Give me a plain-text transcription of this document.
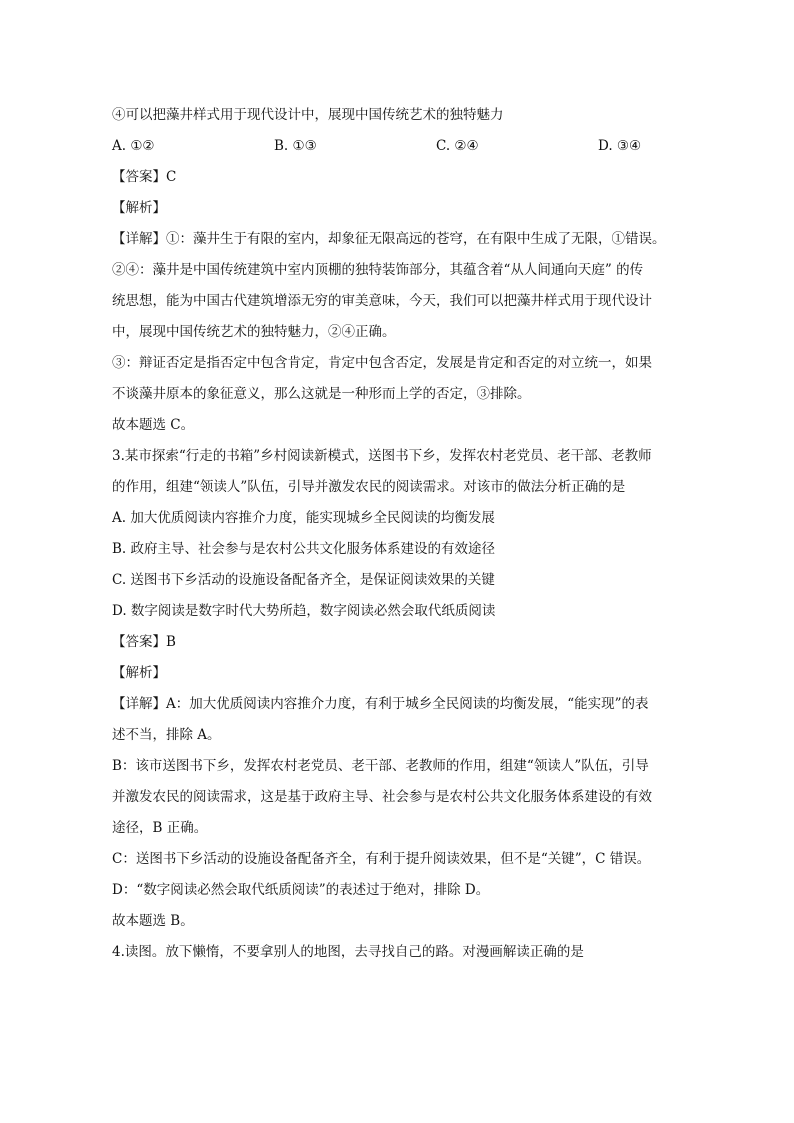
④可以把藻井样式用于现代设计中，展现中国传统艺术的独特魅力
A. ①②	B. ①③	C. ②④	D. ③④
【答案】C
【解析】
【详解】①：藻井生于有限的室内，却象征无限高远的苍穹，在有限中生成了无限，①错误。
②④：藻井是中国传统建筑中室内顶棚的独特装饰部分，其蕴含着“从人间通向天庭” 的传
统思想，能为中国古代建筑增添无穷的审美意味，今天，我们可以把藻井样式用于现代设计
中，展现中国传统艺术的独特魅力，②④正确。
③：辩证否定是指否定中包含肯定，肯定中包含否定，发展是肯定和否定的对立统一，如果
不谈藻井原本的象征意义，那么这就是一种形而上学的否定，③排除。
故本题选 C。
3.某市探索“行走的书箱”乡村阅读新模式，送图书下乡，发挥农村老党员、老干部、老教师
的作用，组建“领读人”队伍，引导并激发农民的阅读需求。对该市的做法分析正确的是
A. 加大优质阅读内容推介力度，能实现城乡全民阅读的均衡发展
B. 政府主导、社会参与是农村公共文化服务体系建设的有效途径
C. 送图书下乡活动的设施设备配备齐全，是保证阅读效果的关键
D. 数字阅读是数字时代大势所趋，数字阅读必然会取代纸质阅读
【答案】B
【解析】
【详解】A：加大优质阅读内容推介力度，有利于城乡全民阅读的均衡发展，“能实现”的表
述不当，排除 A。
B：该市送图书下乡，发挥农村老党员、老干部、老教师的作用，组建“领读人”队伍，引导
并激发农民的阅读需求，这是基于政府主导、社会参与是农村公共文化服务体系建设的有效
途径，B 正确。
C：送图书下乡活动的设施设备配备齐全，有利于提升阅读效果，但不是“关键”，C 错误。
D：“数字阅读必然会取代纸质阅读”的表述过于绝对，排除 D。
故本题选 B。
4.读图。放下懒惰，不要拿别人的地图，去寻找自己的路。对漫画解读正确的是
